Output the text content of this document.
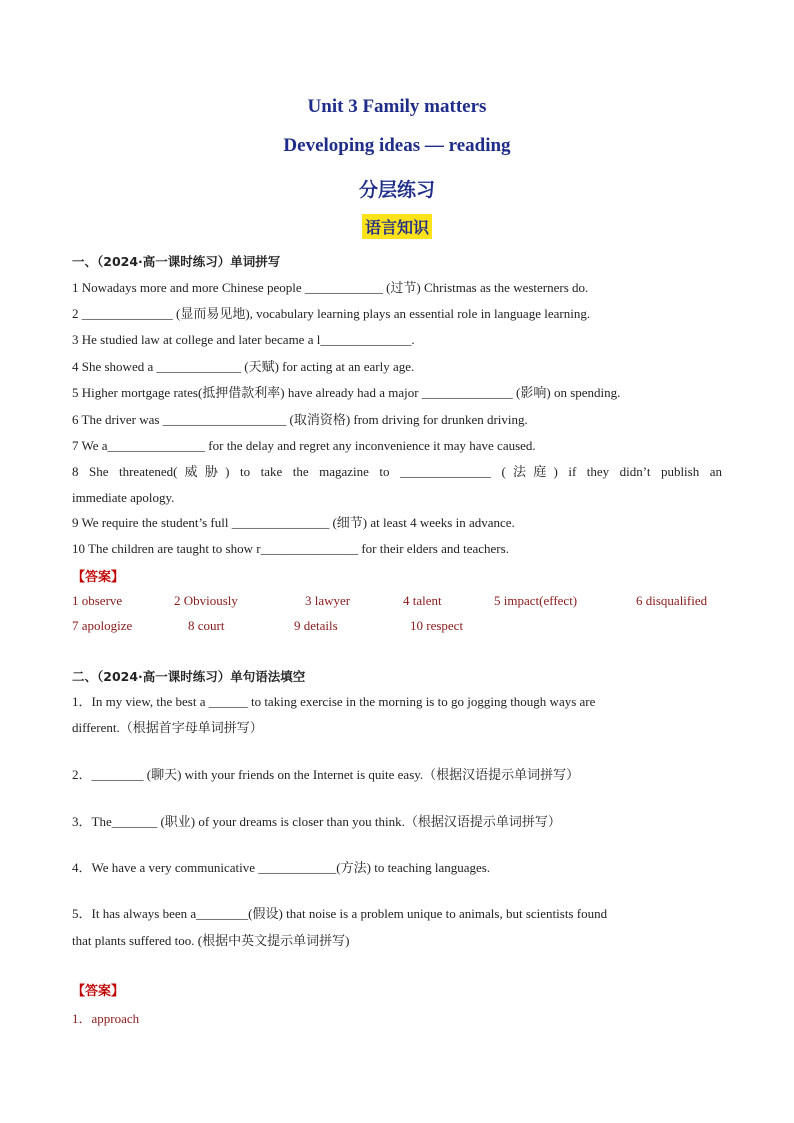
Unit 3 Family matters
Developing ideas — reading
分层练习
语言知识
一、（2024·高一课时练习）单词拼写
1 Nowadays more and more Chinese people ____________ (过节) Christmas as the westerners do.
2 ______________ (显而易见地), vocabulary learning plays an essential role in language learning.
3 He studied law at college and later became a l______________.
4 She showed a _____________ (天赋) for acting at an early age.
5 Higher mortgage rates(抵押借款利率) have already had a major ______________ (影响) on spending.
6 The driver was ___________________ (取消资格) from driving for drunken driving.
7 We a_______________ for the delay and regret any inconvenience it may have caused.
8 She threatened(威胁) to take the magazine to ______________ (法庭) if they didn’t publish an
immediate apology.
9 We require the student’s full _______________ (细节) at least 4 weeks in advance.
10 The children are taught to show r_______________ for their elders and teachers.
【答案】
1 observe	2 Obviously	3 lawyer	4 talent	5 impact(effect)	6 disqualified
7 apologize	8 court	9 details	10 respect
二、（2024·高一课时练习）单句语法填空
1．In my view, the best a ______ to taking exercise in the morning is to go jogging though ways are
different.（根据首字母单词拼写）
2．________ (聊天) with your friends on the Internet is quite easy.（根据汉语提示单词拼写）
3．The_______ (职业) of your dreams is closer than you think.（根据汉语提示单词拼写）
4．We have a very communicative ____________(方法) to teaching languages.
5．It has always been a________(假设) that noise is a problem unique to animals, but scientists found
that plants suffered too. (根据中英文提示单词拼写)
【答案】
1．approach
